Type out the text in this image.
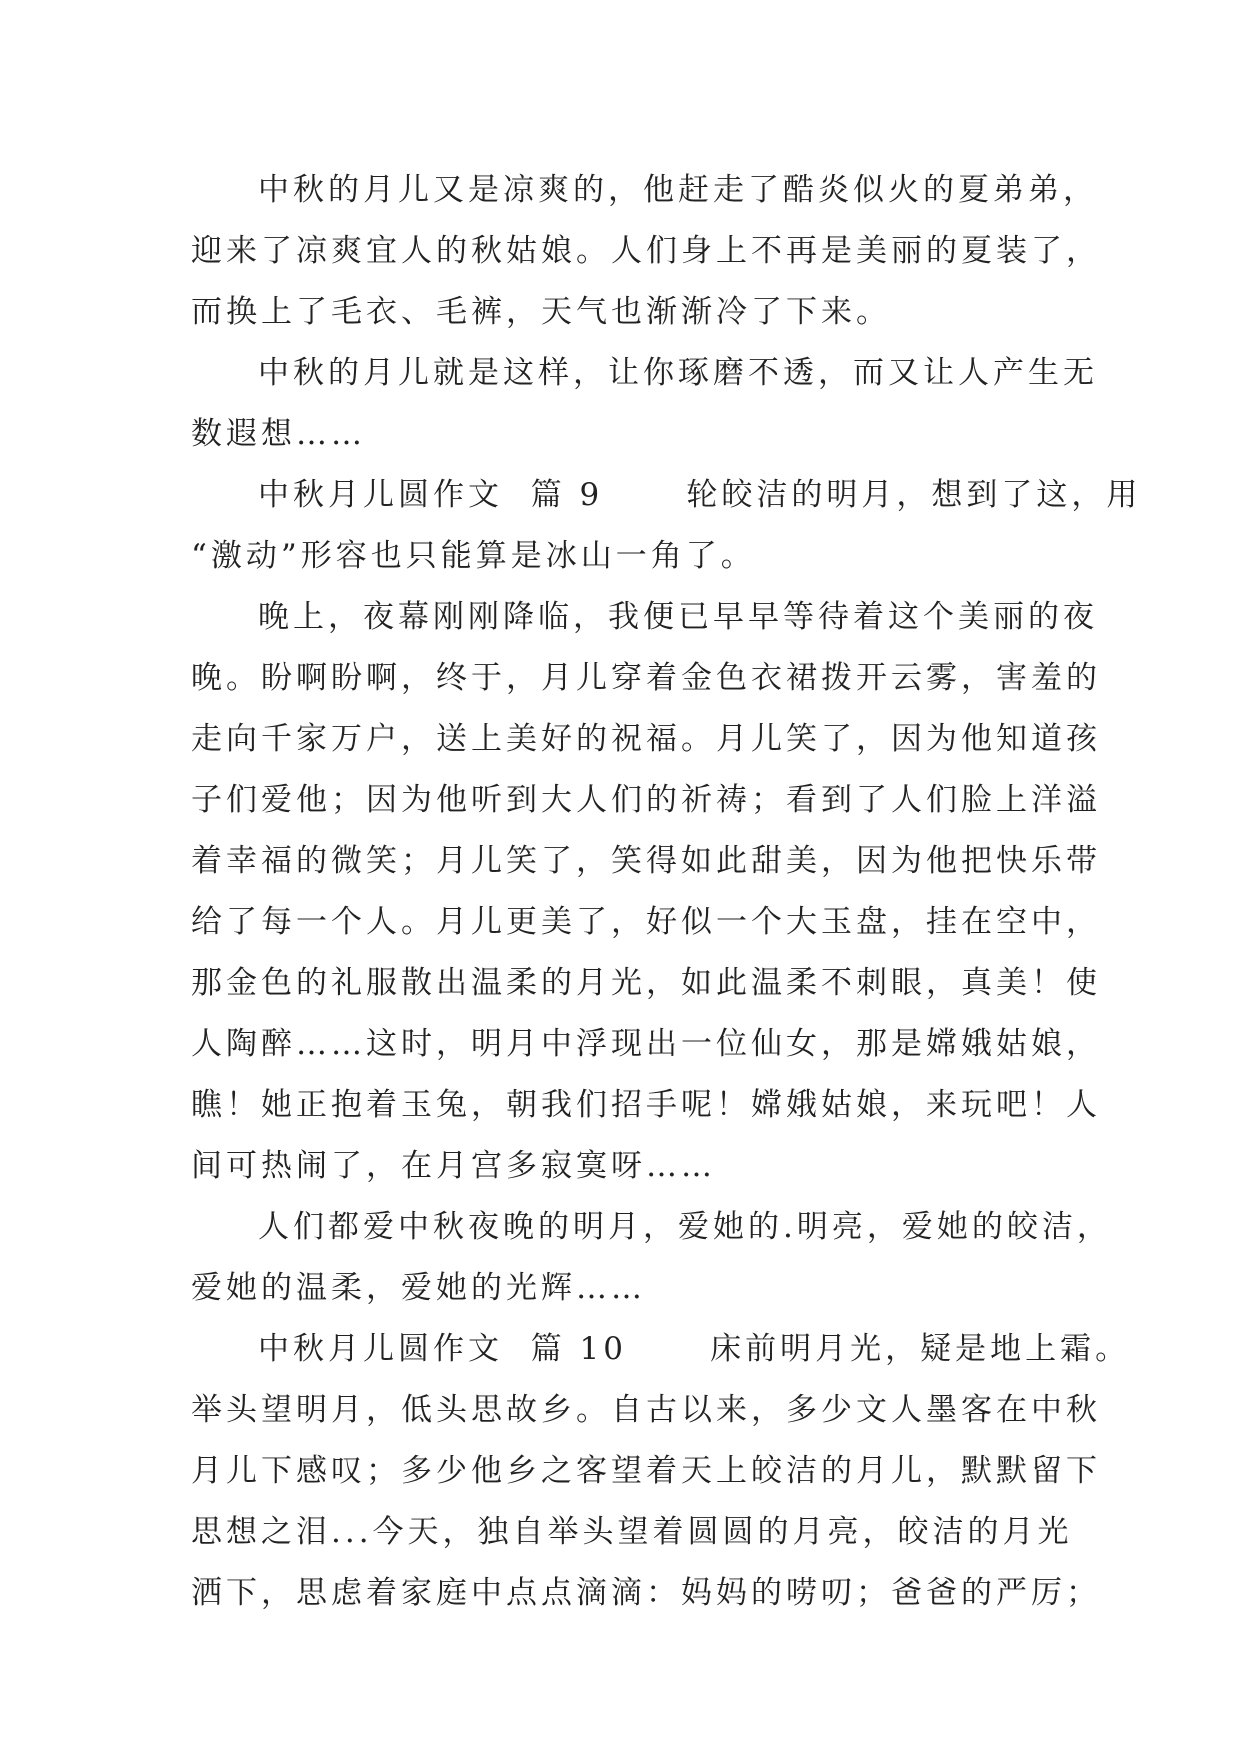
中秋的月儿又是凉爽的，他赶走了酷炎似火的夏弟弟，
迎来了凉爽宜人的秋姑娘。人们身上不再是美丽的夏装了，
而换上了毛衣、毛裤，天气也渐渐冷了下来。
中秋的月儿就是这样，让你琢磨不透，而又让人产生无
数遐想……
中秋月儿圆作文  篇 9      轮皎洁的明月，想到了这，用
“激动”形容也只能算是冰山一角了。
晚上，夜幕刚刚降临，我便已早早等待着这个美丽的夜
晚。盼啊盼啊，终于，月儿穿着金色衣裙拨开云雾，害羞的
走向千家万户，送上美好的祝福。月儿笑了，因为他知道孩
子们爱他；因为他听到大人们的祈祷；看到了人们脸上洋溢
着幸福的微笑；月儿笑了，笑得如此甜美，因为他把快乐带
给了每一个人。月儿更美了，好似一个大玉盘，挂在空中，
那金色的礼服散出温柔的月光，如此温柔不刺眼，真美！使
人陶醉……这时，明月中浮现出一位仙女，那是嫦娥姑娘，
瞧！她正抱着玉兔，朝我们招手呢！嫦娥姑娘，来玩吧！人
间可热闹了，在月宫多寂寞呀……
人们都爱中秋夜晚的明月，爱她的.明亮，爱她的皎洁，
爱她的温柔，爱她的光辉……
中秋月儿圆作文  篇 10      床前明月光，疑是地上霜。
举头望明月，低头思故乡。自古以来，多少文人墨客在中秋
月儿下感叹；多少他乡之客望着天上皎洁的月儿，默默留下
思想之泪...今天，独自举头望着圆圆的月亮，皎洁的月光
洒下，思虑着家庭中点点滴滴：妈妈的唠叨；爸爸的严厉；
